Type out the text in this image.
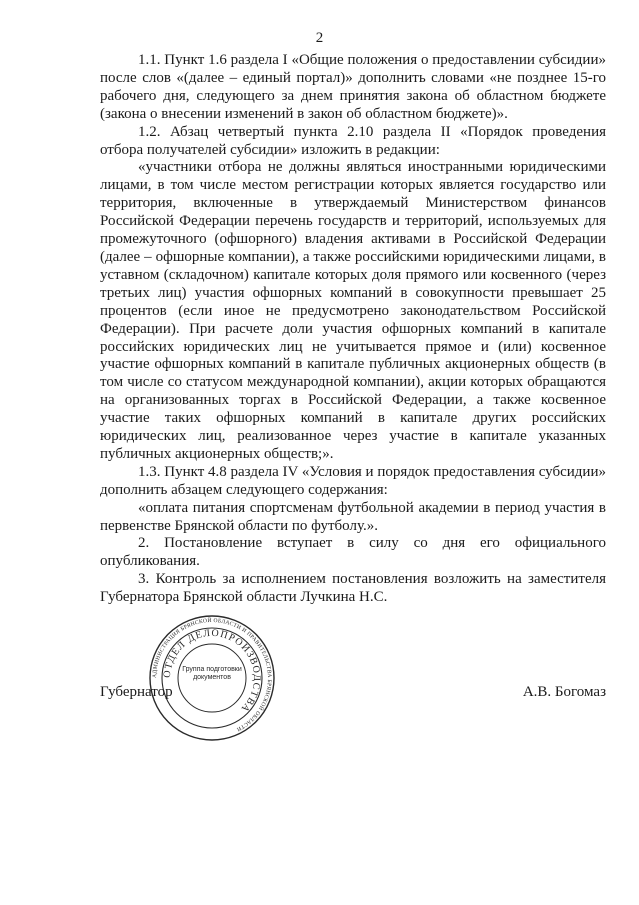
2

1.1. Пункт 1.6 раздела I «Общие положения о предоставлении субсидии» после слов «(далее – единый портал)» дополнить словами «не позднее 15-го рабочего дня, следующего за днем принятия закона об областном бюджете (закона о внесении изменений в закон об областном бюджете)».

1.2. Абзац четвертый пункта 2.10 раздела II «Порядок проведения отбора получателей субсидии» изложить в редакции:

«участники отбора не должны являться иностранными юридическими лицами, в том числе местом регистрации которых является государство или территория, включенные в утверждаемый Министерством финансов Российской Федерации перечень государств и территорий, используемых для промежуточного (офшорного) владения активами в Российской Федерации (далее – офшорные компании), а также российскими юридическими лицами, в уставном (складочном) капитале которых доля прямого или косвенного (через третьих лиц) участия офшорных компаний в совокупности превышает 25 процентов (если иное не предусмотрено законодательством Российской Федерации). При расчете доли участия офшорных компаний в капитале российских юридических лиц не учитывается прямое и (или) косвенное участие офшорных компаний в капитале публичных акционерных обществ (в том числе со статусом международной компании), акции которых обращаются на организованных торгах в Российской Федерации, а также косвенное участие таких офшорных компаний в капитале других российских юридических лиц, реализованное через участие в капитале указанных публичных акционерных обществ;».

1.3. Пункт 4.8 раздела IV «Условия и порядок предоставления субсидии» дополнить абзацем следующего содержания:

«оплата питания спортсменам футбольной академии в период участия в первенстве Брянской области по футболу.».

2. Постановление вступает в силу со дня его официального опубликования.

3. Контроль за исполнением постановления возложить на заместителя Губернатора Брянской области Лучкина Н.С.

АДМИНИСТРАЦИЯ БРЯНСКОЙ ОБЛАСТИ И ПРАВИТЕЛЬСТВА БРЯНСКОЙ ОБЛАСТИ
ОТДЕЛ ДЕЛОПРОИЗВОДСТВА
Группа подготовки документов
Губернатор	А.В. Богомаз
